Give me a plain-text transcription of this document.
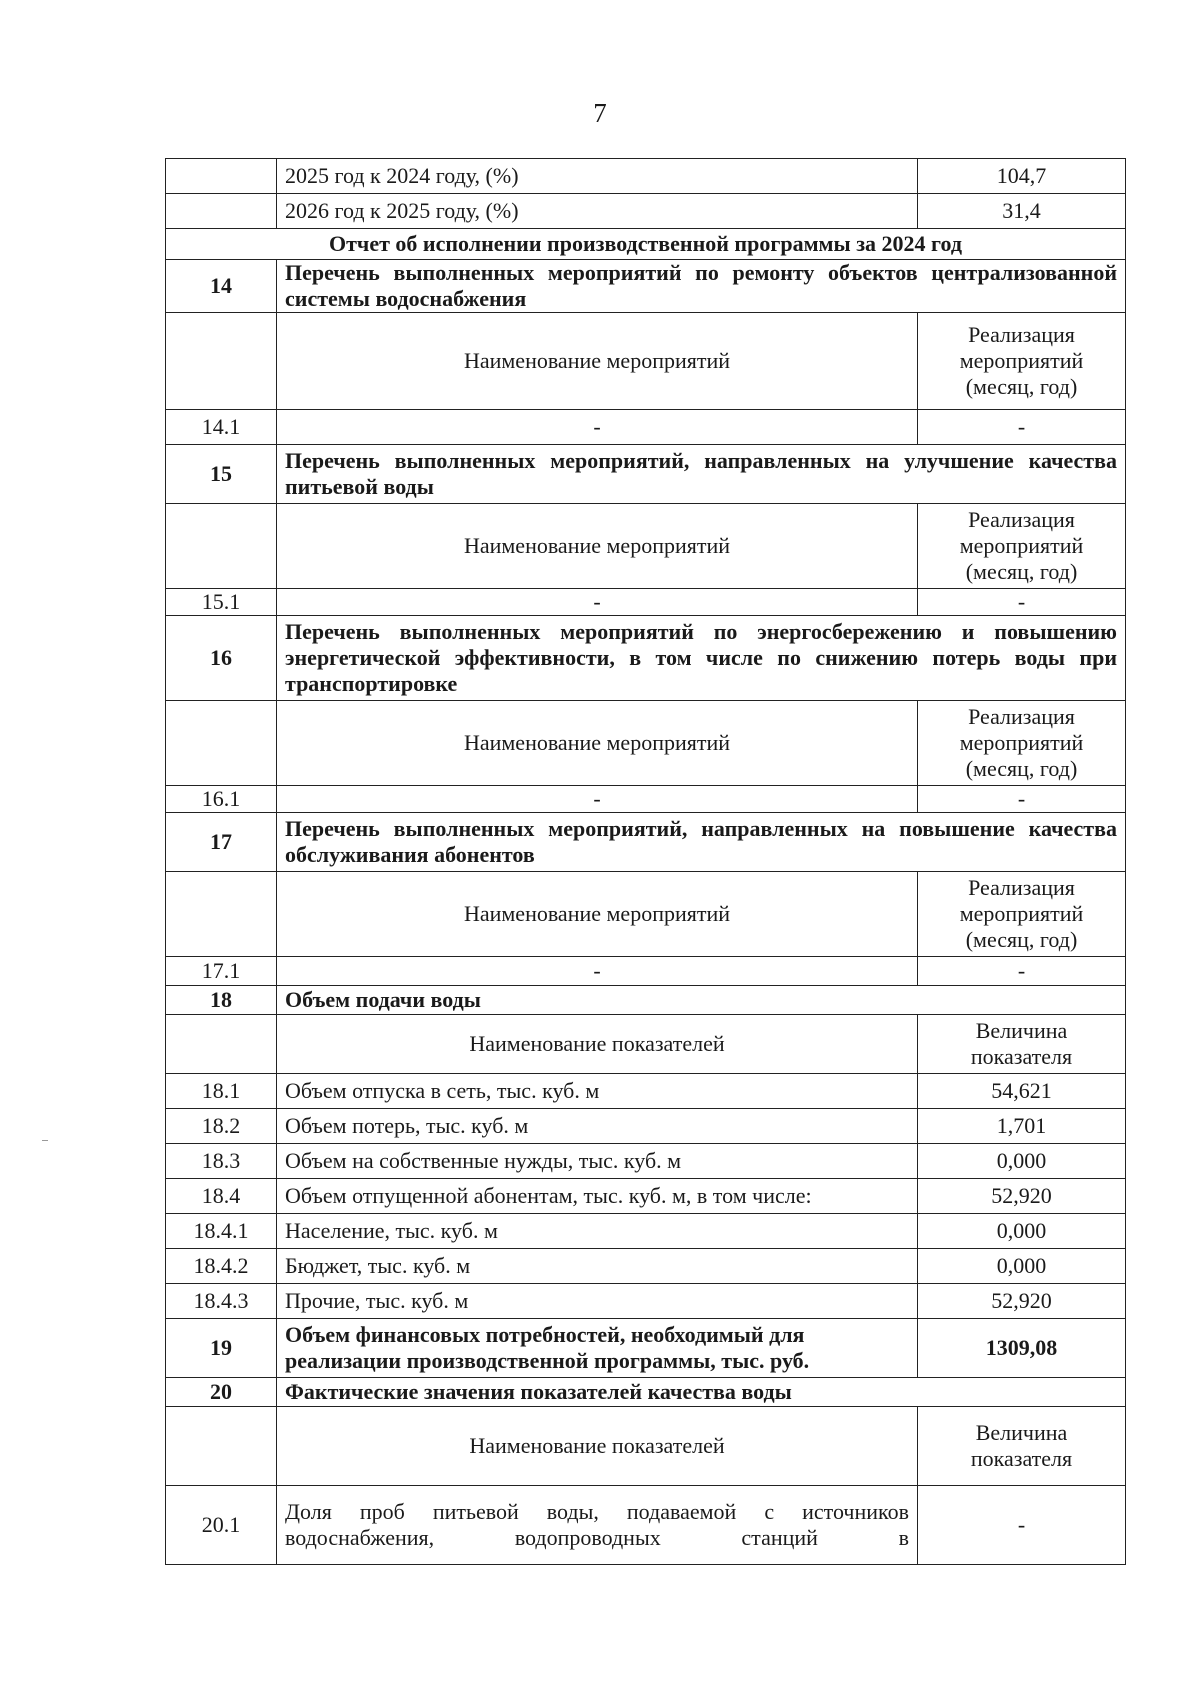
7
	2025 год к 2024 году, (%)	104,7
	2026 год к 2025 году, (%)	31,4
Отчет об исполнении производственной программы за 2024 год		
14	Перечень выполненных мероприятий по ремонту объектов централизованной системы водоснабжения	
	Наименование мероприятий	Реализация мероприятий (месяц, год)
14.1	-	-
15	Перечень выполненных мероприятий, направленных на улучшение качества питьевой воды	
	Наименование мероприятий	Реализация мероприятий (месяц, год)
15.1	-	-
16	Перечень выполненных мероприятий по энергосбережению и повышению энергетической эффективности, в том числе по снижению потерь воды при транспортировке	
	Наименование мероприятий	Реализация мероприятий (месяц, год)
16.1	-	-
17	Перечень выполненных мероприятий, направленных на повышение качества обслуживания абонентов	
	Наименование мероприятий	Реализация мероприятий (месяц, год)
17.1	-	-
18	Объем подачи воды	
	Наименование показателей	Величина показателя
18.1	Объем отпуска в сеть, тыс. куб. м	54,621
18.2	Объем потерь, тыс. куб. м	1,701
18.3	Объем на собственные нужды, тыс. куб. м	0,000
18.4	Объем отпущенной абонентам, тыс. куб. м, в том числе:	52,920
18.4.1	Население, тыс. куб. м	0,000
18.4.2	Бюджет, тыс. куб. м	0,000
18.4.3	Прочие, тыс. куб. м	52,920
19	Объем финансовых потребностей, необходимый для реализации производственной программы, тыс. руб.	1309,08
20	Фактические значения показателей качества воды	
	Наименование показателей	Величина показателя
20.1	Доля проб питьевой воды, подаваемой с источников водоснабжения, водопроводных станций в	-
